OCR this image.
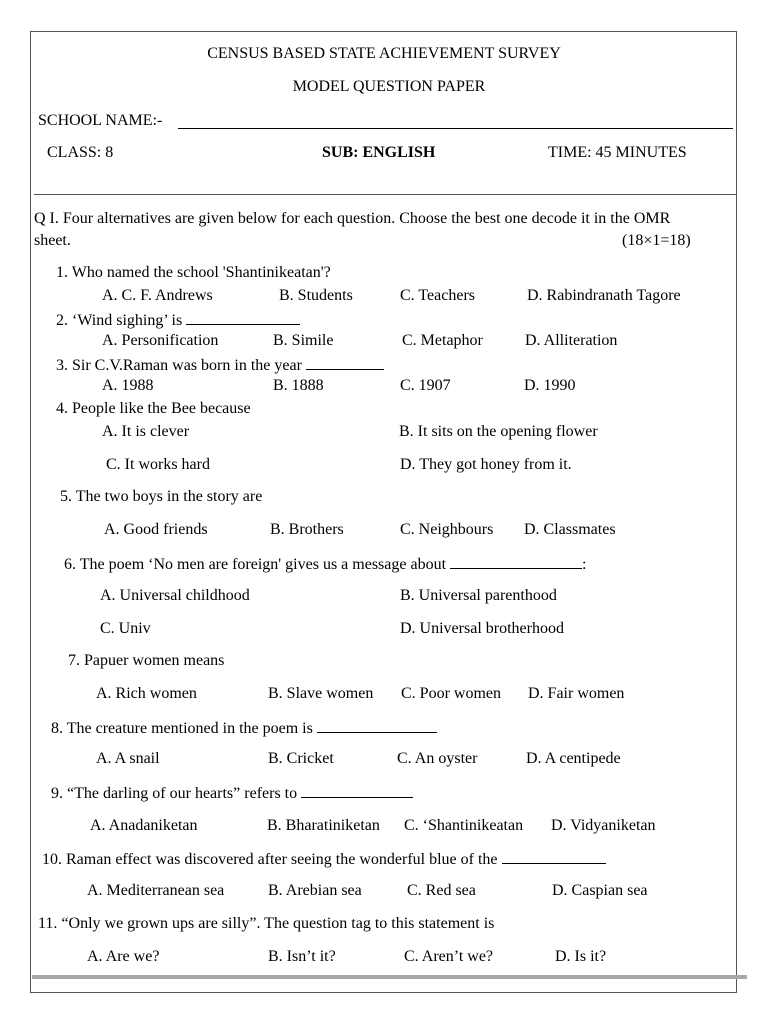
CENSUS BASED STATE ACHIEVEMENT SURVEY
MODEL QUESTION PAPER
SCHOOL NAME:-
CLASS: 8	SUB: ENGLISH	TIME: 45 MINUTES
Q I. Four alternatives are given below for each question. Choose the best one decode it in the OMR
sheet.	(18×1=18)
1. Who named the school 'Shantinikeatan'?
A. C. F. Andrews	B. Students	C. Teachers	D. Rabindranath Tagore
2. ‘Wind sighing’ is
A. Personification	B. Simile	C. Metaphor	D. Alliteration
3. Sir C.V.Raman was born in the year
A. 1988	B. 1888	C. 1907	D. 1990
4. People like the Bee because
A. It is clever	B. It sits on the opening flower
C. It works hard	D. They got honey from it.
5. The two boys in the story are
A. Good friends	B. Brothers	C. Neighbours D. Classmates
6. The poem ‘No men are foreign' gives us a message about	:
A. Universal childhood	B. Universal parenthood
C. Univ	D. Universal brotherhood
7. Papuer women means
A. Rich women	B. Slave women C. Poor women D. Fair women
8. The creature mentioned in the poem is
A. A snail	B. Cricket	C. An oyster	D. A centipede
9. “The darling of our hearts” refers to
A. Anadaniketan	B. Bharatiniketan C. ‘Shantinikeatan D. Vidyaniketan
10. Raman effect was discovered after seeing the wonderful blue of the
A. Mediterranean sea	B. Arebian sea	C. Red sea	D. Caspian sea
11. “Only we grown ups are silly”. The question tag to this statement is
A. Are we?	B. Isn’t it?	C. Aren’t we?	D. Is it?
